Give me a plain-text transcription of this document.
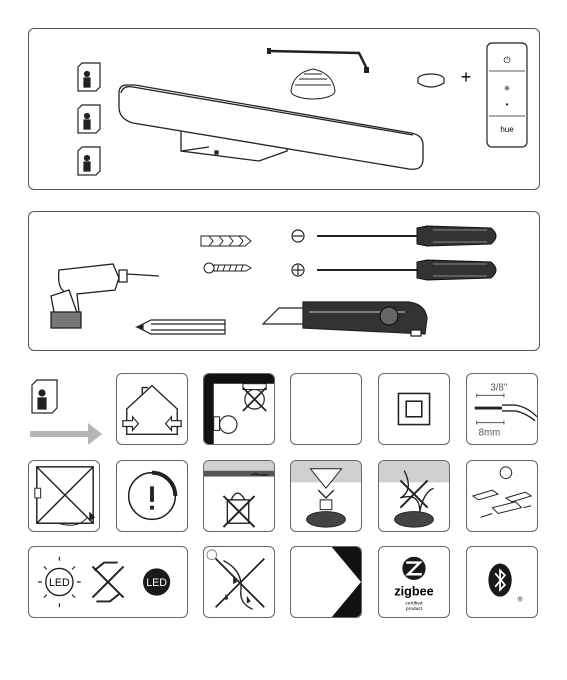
+
⏻
✳
•
hue
3/8"
8mm
LED	LED
zigbee
certified
product
®
